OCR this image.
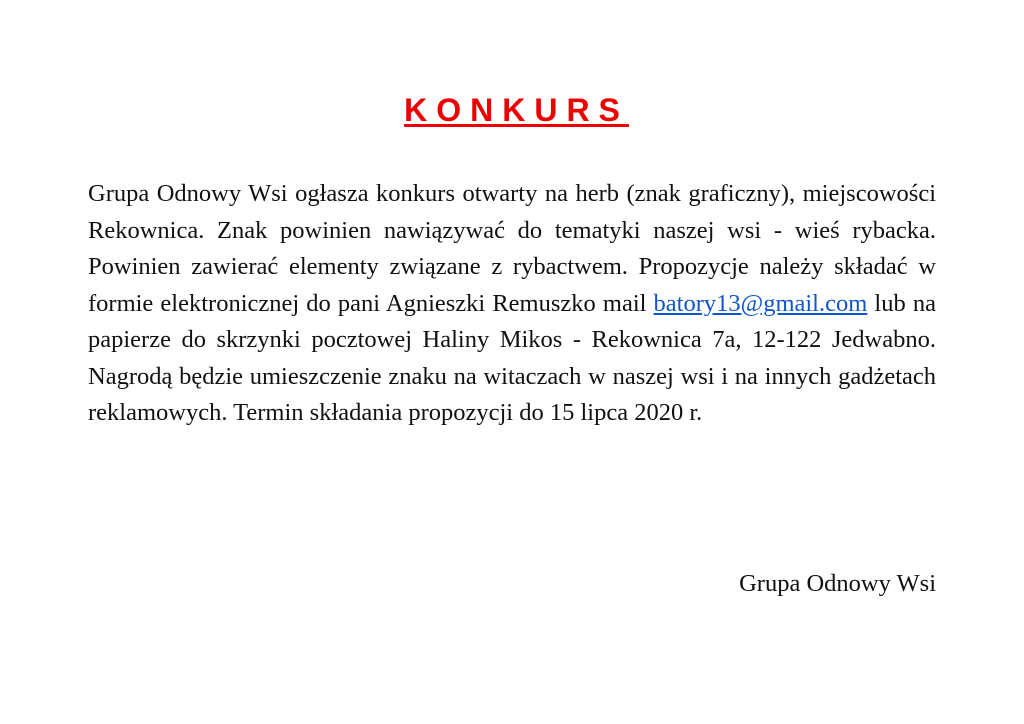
KONKURS

Grupa Odnowy Wsi ogłasza konkurs otwarty na herb (znak graficzny), miejscowości Rekownica. Znak powinien nawiązywać do tematyki naszej wsi - wieś rybacka. Powinien zawierać elementy związane z rybactwem. Propozycje należy składać w formie elektronicznej do pani Agnieszki Remuszko mail batory13@gmail.com lub na papierze do skrzynki pocztowej Haliny Mikos - Rekownica 7a, 12-122 Jedwabno. Nagrodą będzie umieszczenie znaku na witaczach w naszej wsi i na innych gadżetach reklamowych. Termin składania propozycji do 15 lipca 2020 r.

Grupa Odnowy Wsi
